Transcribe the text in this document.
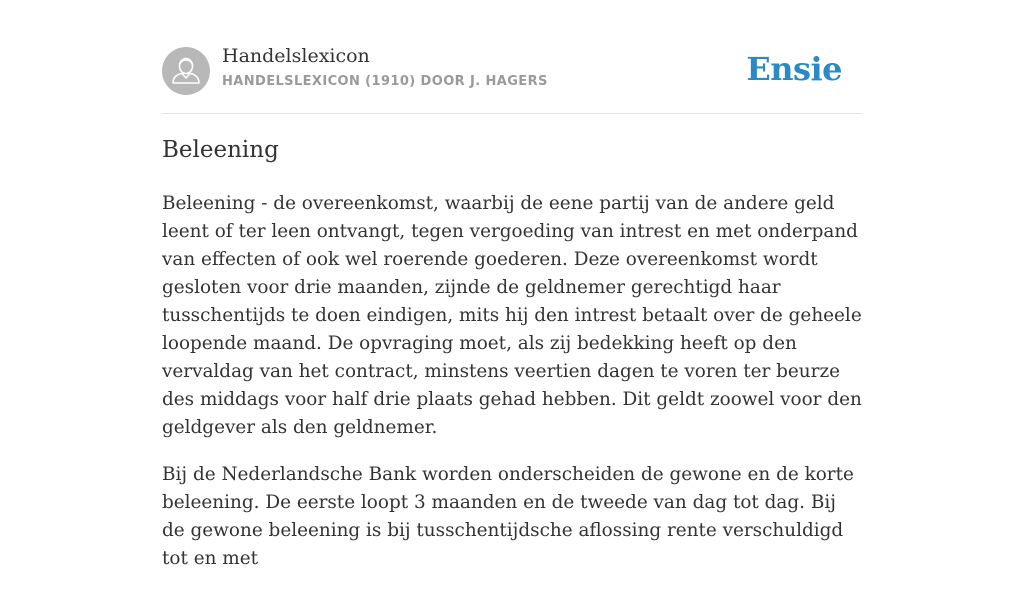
Handelslexicon
HANDELSLEXICON (1910) DOOR J. HAGERS	Ensie
Beleening

Beleening - de overeenkomst, waarbij de eene partij van de andere geld leent of ter leen ontvangt, tegen vergoeding van intrest en met onderpand van effecten of ook wel roerende goederen. Deze overeenkomst wordt gesloten voor drie maanden, zijnde de geldnemer gerechtigd haar tusschentijds te doen eindigen, mits hij den intrest betaalt over de geheele loopende maand. De opvraging moet, als zij bedekking heeft op den vervaldag van het contract, minstens veertien dagen te voren ter beurze des middags voor half drie plaats gehad hebben. Dit geldt zoowel voor den geldgever als den geldnemer.

Bij de Nederlandsche Bank worden onderscheiden de gewone en de korte beleening. De eerste loopt 3 maanden en de tweede van dag tot dag. Bij de gewone beleening is bij tusschentijdsche aflossing rente verschuldigd tot en met
